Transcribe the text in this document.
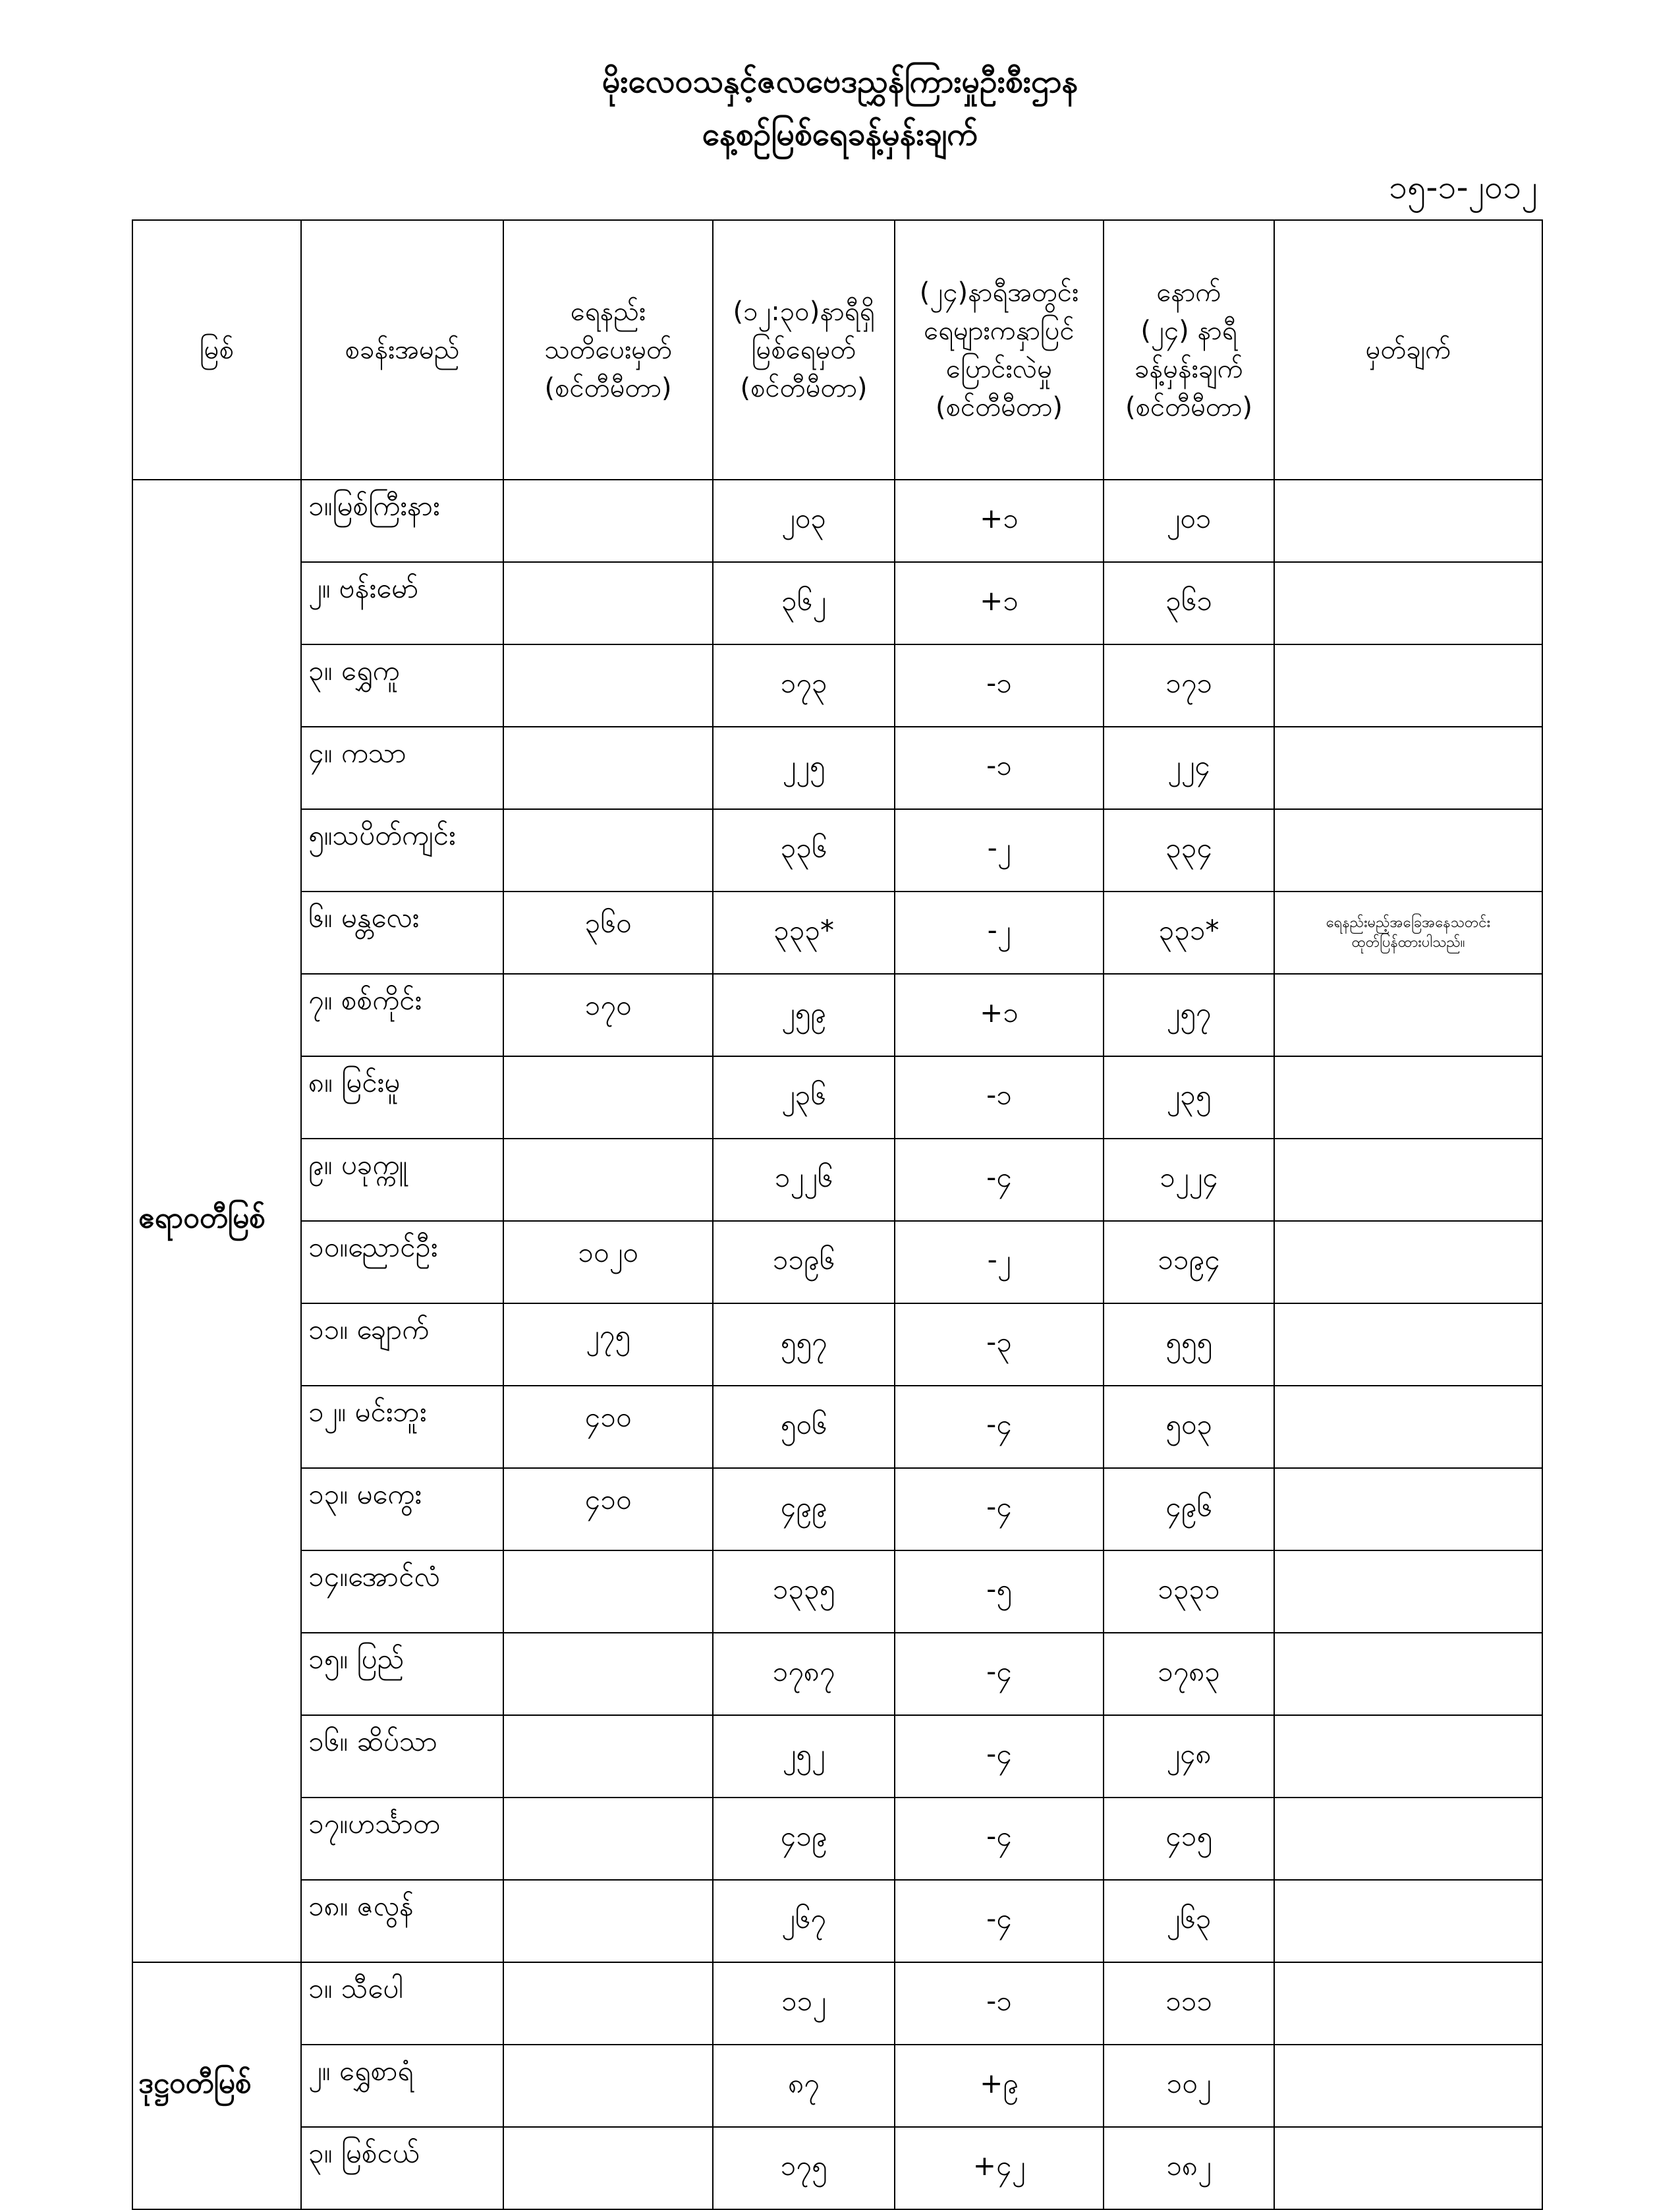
မိုးလေဝသနှင့်ဇလဗေဒညွှန်ကြားမှုဦးစီးဌာန
နေ့စဉ်မြစ်ရေခန့်မှန်းချက်
၁၅-၁-၂၀၁၂
မြစ်	စခန်းအမည်	ရေနည်း
သတိပေးမှတ်
(စင်တီမီတာ)	(၁၂:၃၀)နာရီရှိ
မြစ်ရေမှတ်
(စင်တီမီတာ)	(၂၄)နာရီအတွင်း
ရေများကနှာပြင်
ပြောင်းလဲမှု
(စင်တီမီတာ)	နောက်
(၂၄) နာရီ
ခန့်မှန်းချက်
(စင်တီမီတာ)	မှတ်ချက်
ဧရာဝတီမြစ်	၁။မြစ်ကြီးနား		၂၀၃	+၁	၂၀၁	
	၂။ ဗန်းမော်		၃၆၂	+၁	၃၆၁	
	၃။ ရွှေကူ		၁၇၃	-၁	၁၇၁	
	၄။ ကသာ		၂၂၅	-၁	၂၂၄	
	၅။သပိတ်ကျင်း		၃၃၆	-၂	၃၃၄	
	၆။ မန္တလေး	၃၆၀	၃၃၃*	-၂	၃၃၁*	ရေနည်းမည့်အခြေအနေသတင်း
ထုတ်ပြန်ထားပါသည်။
	၇။ စစ်ကိုင်း	၁၇၀	၂၅၉	+၁	၂၅၇	
	၈။ မြင်းမူ		၂၃၆	-၁	၂၃၅	
	၉။ ပခုက္ကူ		၁၂၂၆	-၄	၁၂၂၄	
	၁၀။ညောင်ဦး	၁၀၂၀	၁၁၉၆	-၂	၁၁၉၄	
	၁၁။ ချောက်	၂၇၅	၅၅၇	-၃	၅၅၅	
	၁၂။ မင်းဘူး	၄၁၀	၅၀၆	-၄	၅၀၃	
	၁၃။ မကွေး	၄၁၀	၄၉၉	-၄	၄၉၆	
	၁၄။အောင်လံ		၁၃၃၅	-၅	၁၃၃၁	
	၁၅။ ပြည်		၁၇၈၇	-၄	၁၇၈၃	
	၁၆။ ဆိပ်သာ		၂၅၂	-၄	၂၄၈	
	၁၇။ဟင်္သာတ		၄၁၉	-၄	၄၁၅	
	၁၈။ ဇလွန်		၂၆၇	-၄	၂၆၃	
ဒုဋ္ဌဝတီမြစ်	၁။ သီပေါ		၁၁၂	-၁	၁၁၁	
	၂။ ရွှေစာရံ		၈၇	+၉	၁၀၂	
	၃။ မြစ်ငယ်		၁၇၅	+၄၂	၁၈၂	
